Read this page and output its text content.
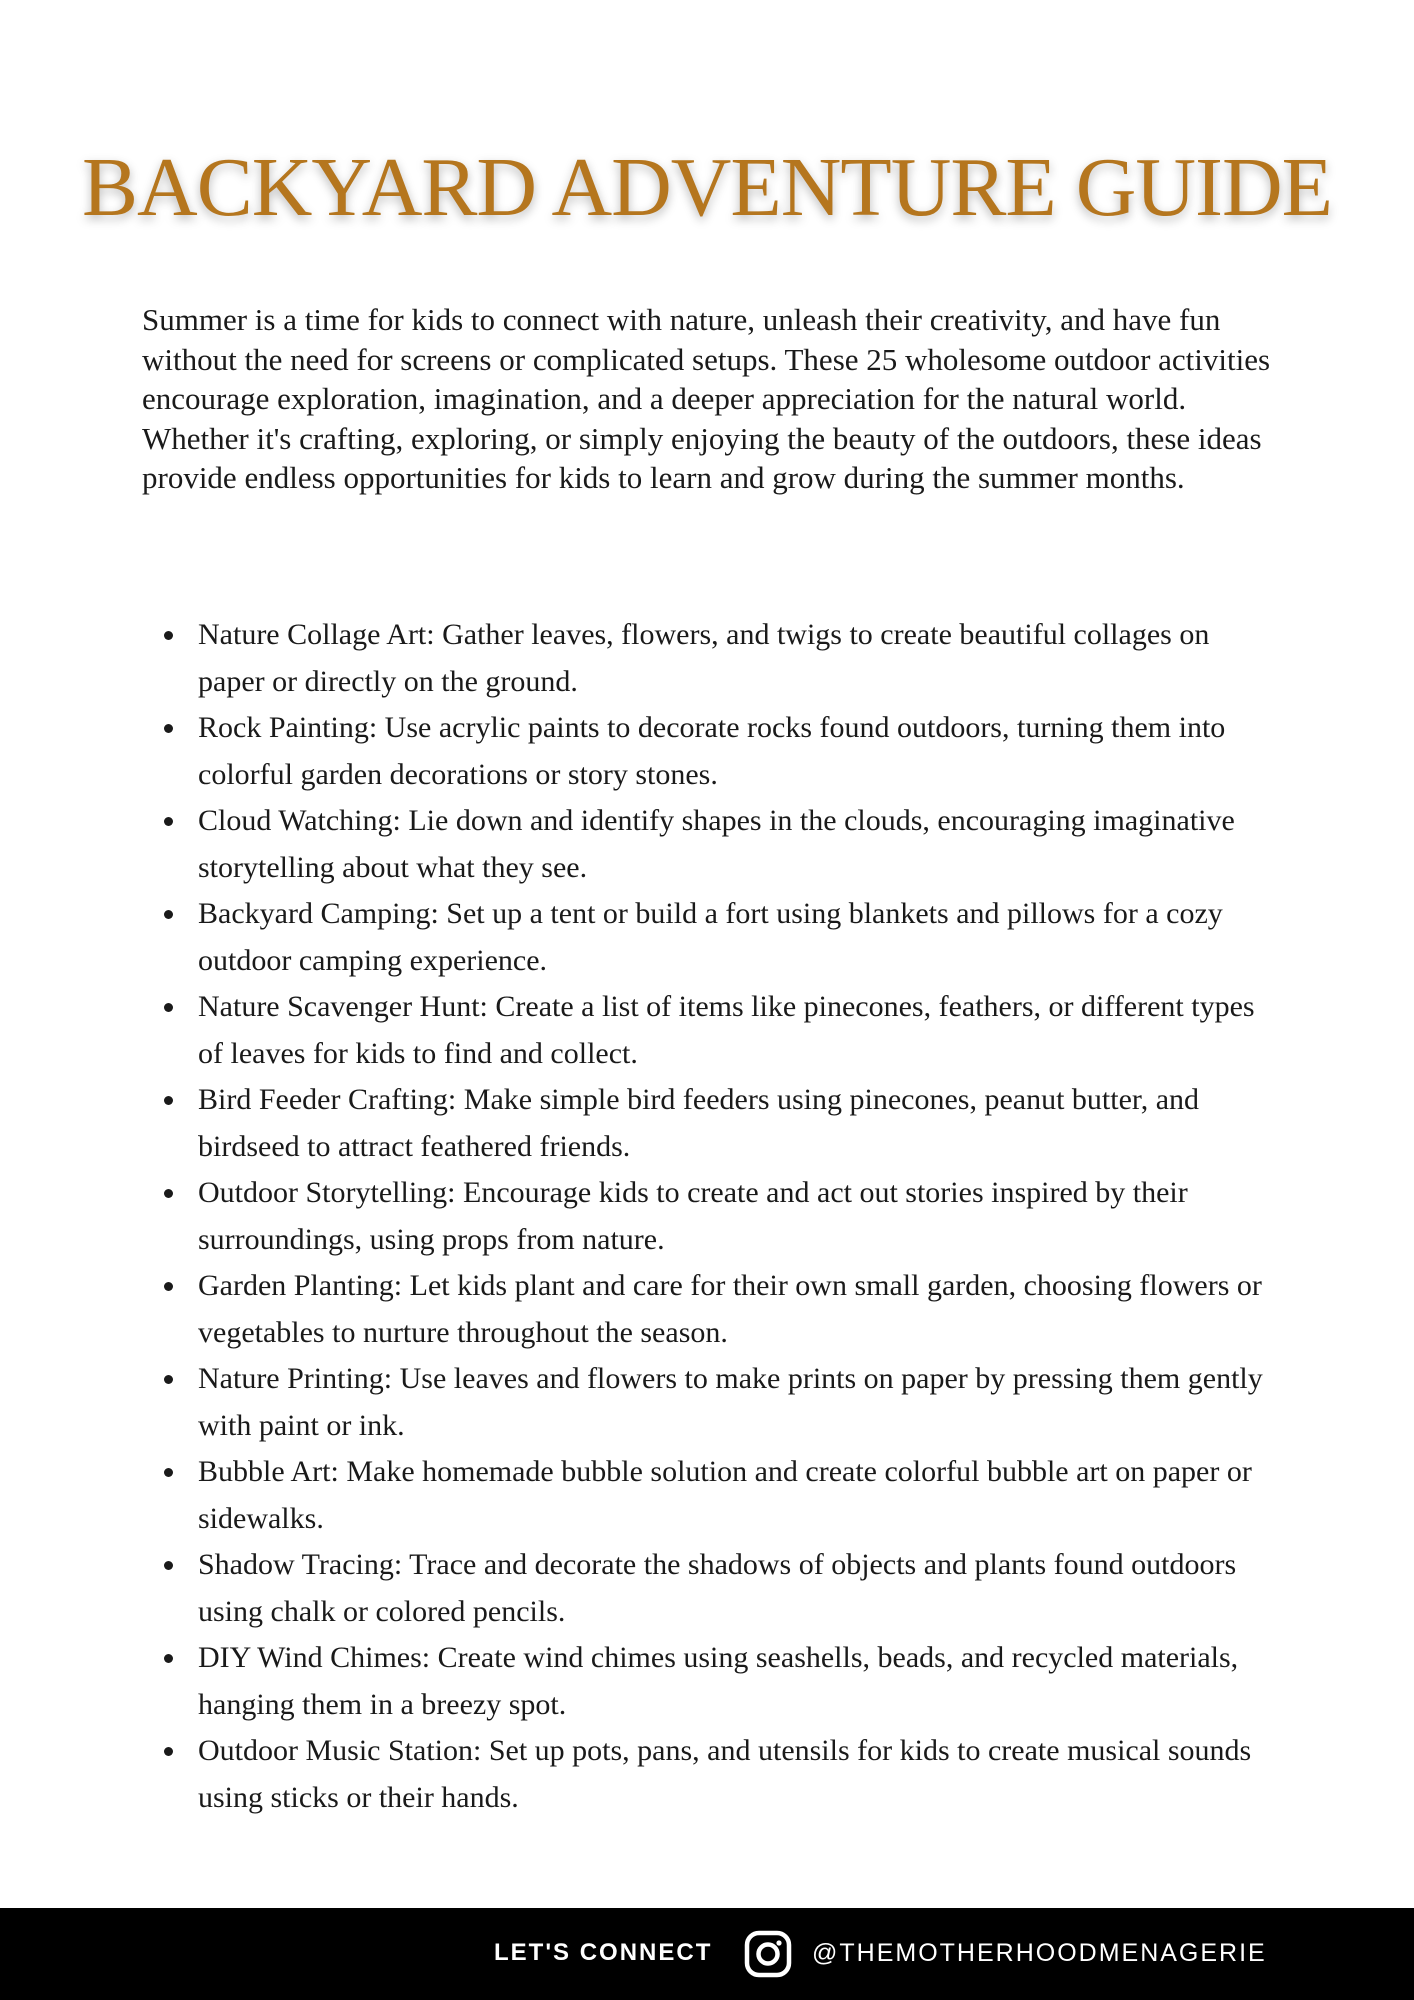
BACKYARD ADVENTURE GUIDE

Summer is a time for kids to connect with nature, unleash their creativity, and have fun without the need for screens or complicated setups. These 25 wholesome outdoor activities encourage exploration, imagination, and a deeper appreciation for the natural world. Whether it's crafting, exploring, or simply enjoying the beauty of the outdoors, these ideas provide endless opportunities for kids to learn and grow during the summer months.

Nature Collage Art: Gather leaves, flowers, and twigs to create beautiful collages on paper or directly on the ground.
Rock Painting: Use acrylic paints to decorate rocks found outdoors, turning them into colorful garden decorations or story stones.
Cloud Watching: Lie down and identify shapes in the clouds, encouraging imaginative storytelling about what they see.
Backyard Camping: Set up a tent or build a fort using blankets and pillows for a cozy outdoor camping experience.
Nature Scavenger Hunt: Create a list of items like pinecones, feathers, or different types of leaves for kids to find and collect.
Bird Feeder Crafting: Make simple bird feeders using pinecones, peanut butter, and birdseed to attract feathered friends.
Outdoor Storytelling: Encourage kids to create and act out stories inspired by their surroundings, using props from nature.
Garden Planting: Let kids plant and care for their own small garden, choosing flowers or vegetables to nurture throughout the season.
Nature Printing: Use leaves and flowers to make prints on paper by pressing them gently with paint or ink.
Bubble Art: Make homemade bubble solution and create colorful bubble art on paper or sidewalks.
Shadow Tracing: Trace and decorate the shadows of objects and plants found outdoors using chalk or colored pencils.
DIY Wind Chimes: Create wind chimes using seashells, beads, and recycled materials, hanging them in a breezy spot.
Outdoor Music Station: Set up pots, pans, and utensils for kids to create musical sounds using sticks or their hands.
LET'S CONNECT	@THEMOTHERHOODMENAGERIE
